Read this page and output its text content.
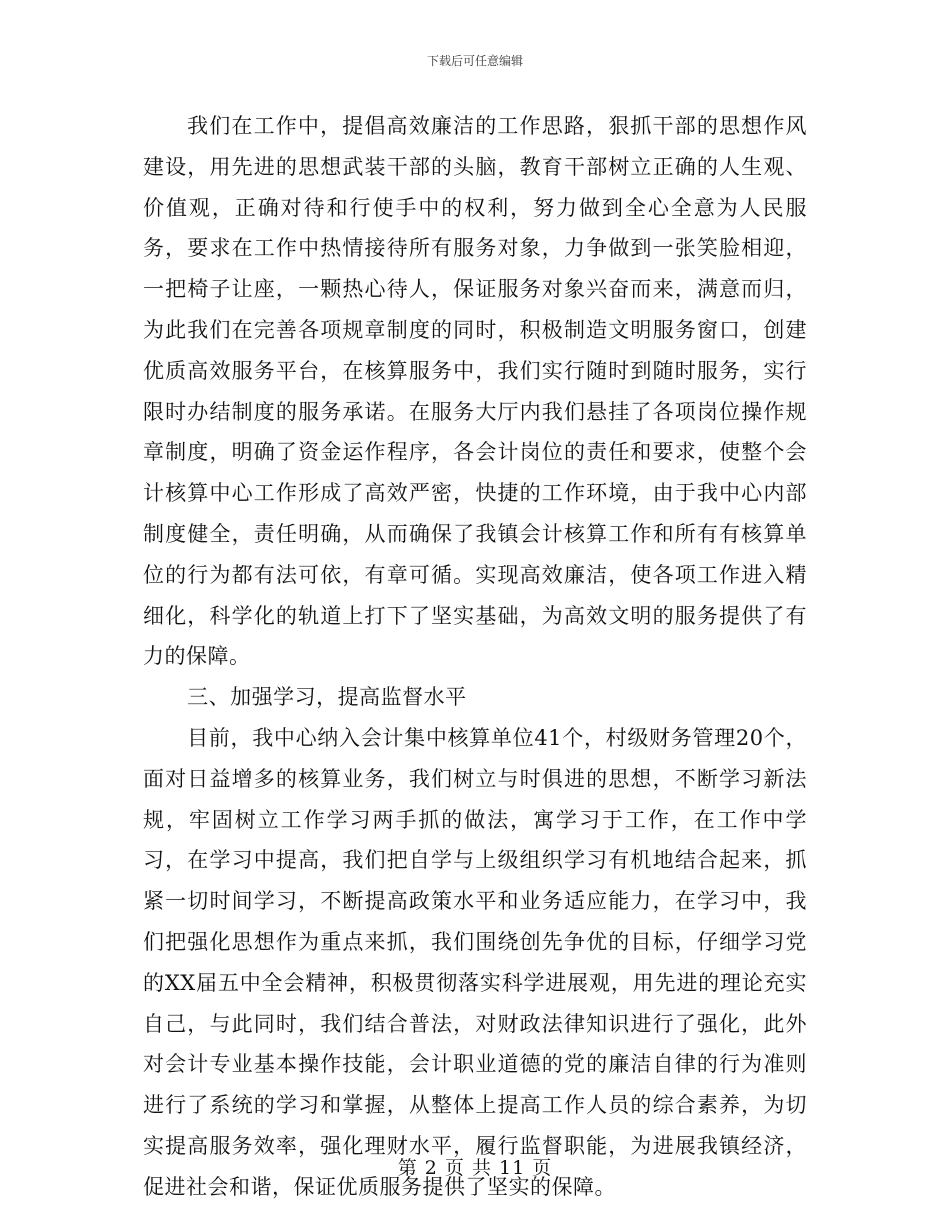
下载后可任意编辑

我们在工作中，提倡高效廉洁的工作思路，狠抓干部的思想作风建设，用先进的思想武装干部的头脑，教育干部树立正确的人生观、价值观，正确对待和行使手中的权利，努力做到全心全意为人民服务，要求在工作中热情接待所有服务对象，力争做到一张笑脸相迎，一把椅子让座，一颗热心待人，保证服务对象兴奋而来，满意而归，为此我们在完善各项规章制度的同时，积极制造文明服务窗口，创建优质高效服务平台，在核算服务中，我们实行随时到随时服务，实行限时办结制度的服务承诺。在服务大厅内我们悬挂了各项岗位操作规章制度，明确了资金运作程序，各会计岗位的责任和要求，使整个会计核算中心工作形成了高效严密，快捷的工作环境，由于我中心内部制度健全，责任明确，从而确保了我镇会计核算工作和所有有核算单位的行为都有法可依，有章可循。实现高效廉洁，使各项工作进入精细化，科学化的轨道上打下了坚实基础，为高效文明的服务提供了有力的保障。

三、加强学习，提高监督水平

目前，我中心纳入会计集中核算单位41个，村级财务管理20个，面对日益增多的核算业务，我们树立与时俱进的思想，不断学习新法规，牢固树立工作学习两手抓的做法，寓学习于工作，在工作中学习，在学习中提高，我们把自学与上级组织学习有机地结合起来，抓紧一切时间学习，不断提高政策水平和业务适应能力，在学习中，我们把强化思想作为重点来抓，我们围绕创先争优的目标，仔细学习党的XX届五中全会精神，积极贯彻落实科学进展观，用先进的理论充实自己，与此同时，我们结合普法，对财政法律知识进行了强化，此外对会计专业基本操作技能，会计职业道德的党的廉洁自律的行为准则进行了系统的学习和掌握，从整体上提高工作人员的综合素养，为切实提高服务效率，强化理财水平，履行监督职能，为进展我镇经济，促进社会和谐，保证优质服务提供了坚实的保障。

第 2 页 共 11 页
